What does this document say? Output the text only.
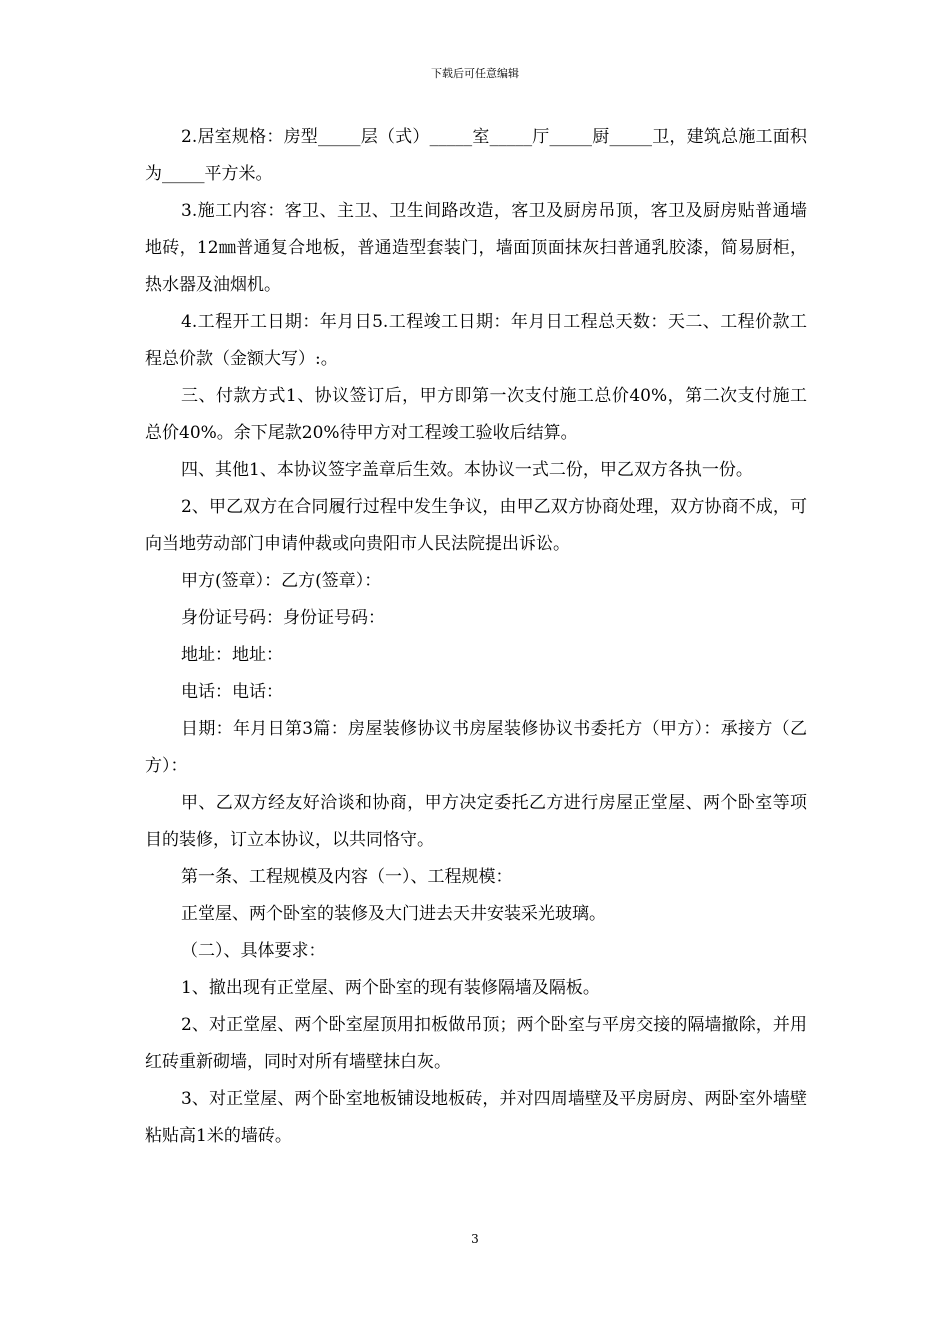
下载后可任意编辑

2.居室规格：房型_____层（式）_____室_____厅_____厨_____卫，建筑总施工面积为_____平方米。

3.施工内容：客卫、主卫、卫生间路改造，客卫及厨房吊顶，客卫及厨房贴普通墙地砖，12㎜普通复合地板，普通造型套装门，墙面顶面抹灰扫普通乳胶漆，简易厨柜，热水器及油烟机。

4.工程开工日期：年月日5.工程竣工日期：年月日工程总天数：天二、工程价款工程总价款（金额大写）:。

三、付款方式1、协议签订后，甲方即第一次支付施工总价40%，第二次支付施工总价40%。余下尾款20%待甲方对工程竣工验收后结算。

四、其他1、本协议签字盖章后生效。本协议一式二份，甲乙双方各执一份。

2、甲乙双方在合同履行过程中发生争议，由甲乙双方协商处理，双方协商不成，可向当地劳动部门申请仲裁或向贵阳市人民法院提出诉讼。

甲方(签章）：乙方(签章）：

身份证号码：身份证号码：

地址：地址：

电话：电话：

日期：年月日第3篇：房屋装修协议书房屋装修协议书委托方（甲方）：承接方（乙方）：

甲、乙双方经友好洽谈和协商，甲方决定委托乙方进行房屋正堂屋、两个卧室等项目的装修，订立本协议，以共同恪守。

第一条、工程规模及内容（一）、工程规模：

正堂屋、两个卧室的装修及大门进去天井安装采光玻璃。

（二）、具体要求：

1、撤出现有正堂屋、两个卧室的现有装修隔墙及隔板。

2、对正堂屋、两个卧室屋顶用扣板做吊顶；两个卧室与平房交接的隔墙撤除，并用红砖重新砌墙，同时对所有墙壁抹白灰。

3、对正堂屋、两个卧室地板铺设地板砖，并对四周墙壁及平房厨房、两卧室外墙壁粘贴高1米的墙砖。

3
